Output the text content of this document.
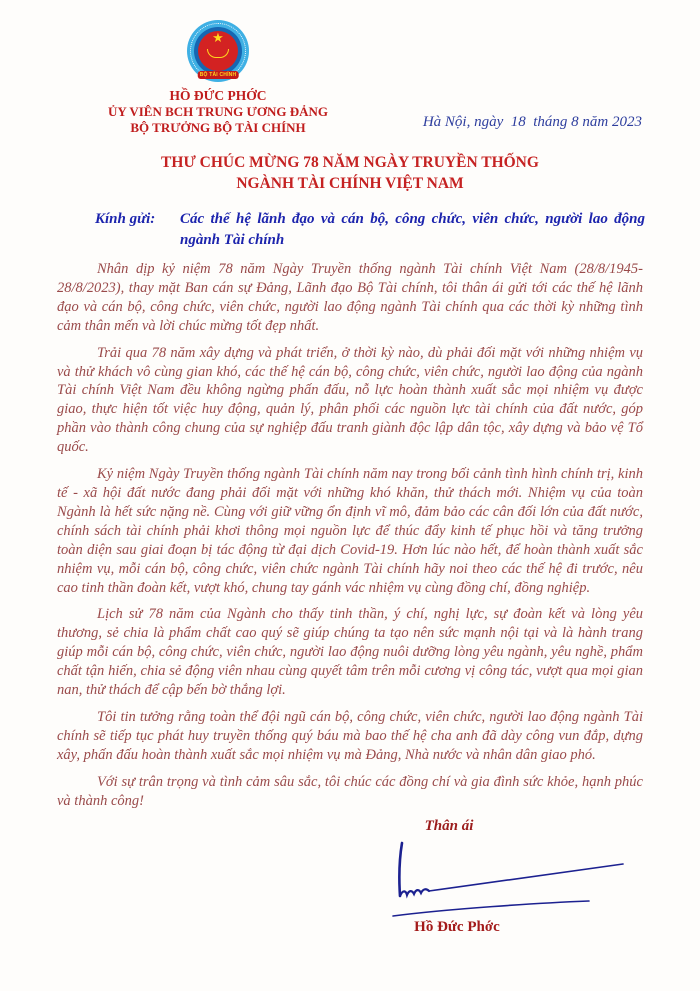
★
BỘ TÀI CHÍNH
HỒ ĐỨC PHỚC
ỦY VIÊN BCH TRUNG ƯƠNG ĐẢNG
BỘ TRƯỞNG BỘ TÀI CHÍNH	Hà Nội, ngày  18  tháng 8 năm 2023
THƯ CHÚC MỪNG 78 NĂM NGÀY TRUYỀN THỐNG
NGÀNH TÀI CHÍNH VIỆT NAM
Kính gửi:	Các thế hệ lãnh đạo và cán bộ, công chức, viên chức, người lao động ngành Tài chính

Nhân dịp kỷ niệm 78 năm Ngày Truyền thống ngành Tài chính Việt Nam (28/8/1945-28/8/2023), thay mặt Ban cán sự Đảng, Lãnh đạo Bộ Tài chính, tôi thân ái gửi tới các thế hệ lãnh đạo và cán bộ, công chức, viên chức, người lao động ngành Tài chính qua các thời kỳ những tình cảm thân mến và lời chúc mừng tốt đẹp nhất.

Trải qua 78 năm xây dựng và phát triển, ở thời kỳ nào, dù phải đối mặt với những nhiệm vụ và thử khách vô cùng gian khó, các thế hệ cán bộ, công chức, viên chức, người lao động của ngành Tài chính Việt Nam đều không ngừng phấn đấu, nỗ lực hoàn thành xuất sắc mọi nhiệm vụ được giao, thực hiện tốt việc huy động, quản lý, phân phối các nguồn lực tài chính của đất nước, góp phần vào thành công chung của sự nghiệp đấu tranh giành độc lập dân tộc, xây dựng và bảo vệ Tổ quốc.

Kỷ niệm Ngày Truyền thống ngành Tài chính năm nay trong bối cảnh tình hình chính trị, kinh tế - xã hội đất nước đang phải đối mặt với những khó khăn, thử thách mới. Nhiệm vụ của toàn Ngành là hết sức nặng nề. Cùng với giữ vững ổn định vĩ mô, đảm bảo các cân đối lớn của đất nước, chính sách tài chính phải khơi thông mọi nguồn lực để thúc đẩy kinh tế phục hồi và tăng trưởng toàn diện sau giai đoạn bị tác động từ đại dịch Covid-19. Hơn lúc nào hết, để hoàn thành xuất sắc nhiệm vụ, mỗi cán bộ, công chức, viên chức ngành Tài chính hãy noi theo các thế hệ đi trước, nêu cao tinh thần đoàn kết, vượt khó, chung tay gánh vác nhiệm vụ cùng đồng chí, đồng nghiệp.

Lịch sử 78 năm của Ngành cho thấy tinh thần, ý chí, nghị lực, sự đoàn kết và lòng yêu thương, sẻ chia là phẩm chất cao quý sẽ giúp chúng ta tạo nên sức mạnh nội tại và là hành trang giúp mỗi cán bộ, công chức, viên chức, người lao động nuôi dưỡng lòng yêu ngành, yêu nghề, phẩm chất tận hiến, chia sẻ động viên nhau cùng quyết tâm trên mỗi cương vị công tác, vượt qua mọi gian nan, thử thách để cập bến bờ thắng lợi.

Tôi tin tưởng rằng toàn thể đội ngũ cán bộ, công chức, viên chức, người lao động ngành Tài chính sẽ tiếp tục phát huy truyền thống quý báu mà bao thế hệ cha anh đã dày công vun đắp, dựng xây, phấn đấu hoàn thành xuất sắc mọi nhiệm vụ mà Đảng, Nhà nước và nhân dân giao phó.

Với sự trân trọng và tình cảm sâu sắc, tôi chúc các đồng chí và gia đình sức khỏe, hạnh phúc và thành công!

Thân ái
Hồ Đức Phớc
